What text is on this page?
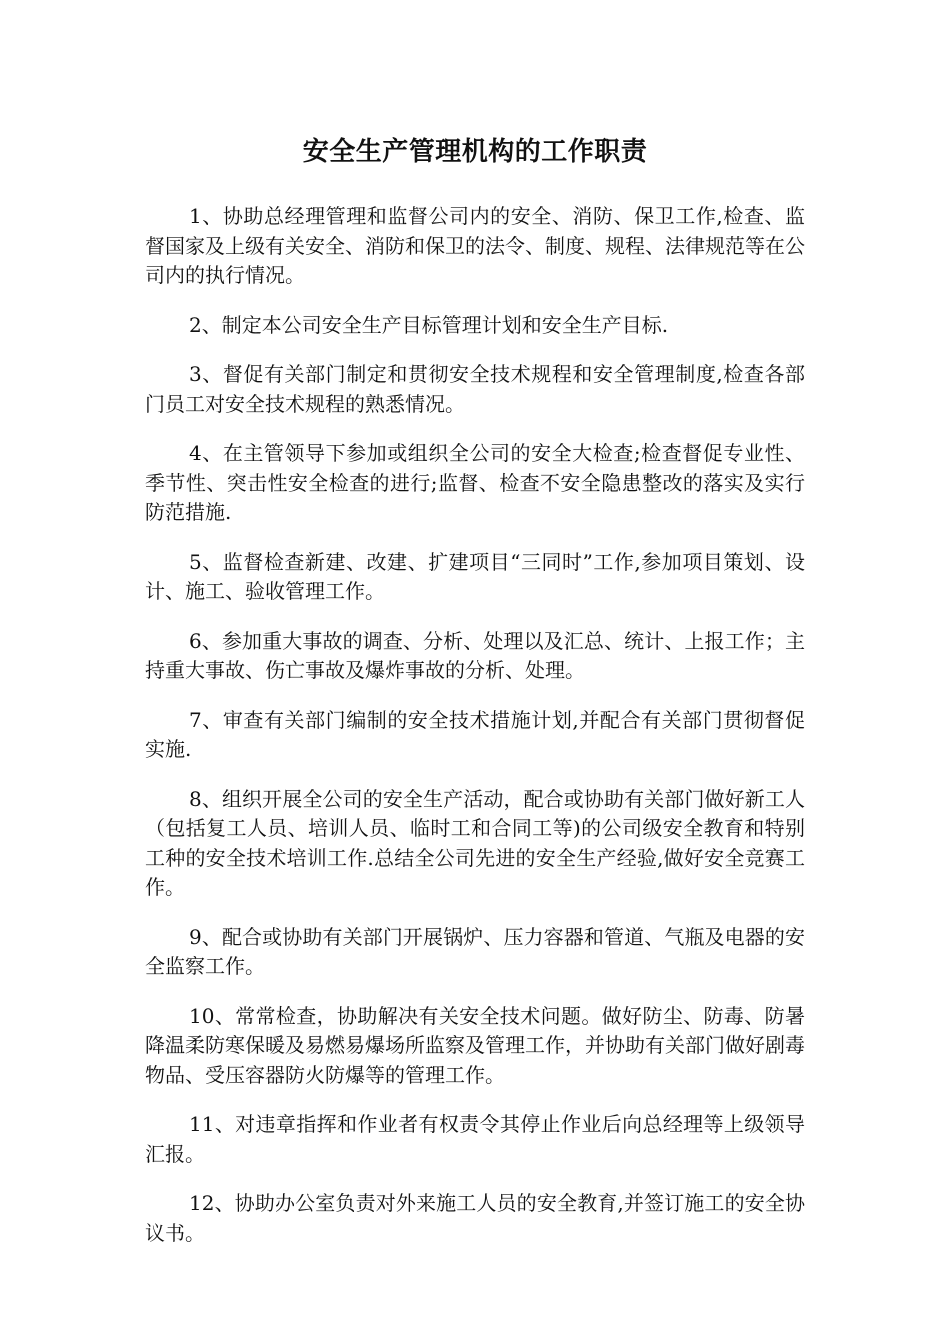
安全生产管理机构的工作职责

1、协助总经理管理和监督公司内的安全、消防、保卫工作,检查、监督国家及上级有关安全、消防和保卫的法令、制度、规程、法律规范等在公司内的执行情况。

2、制定本公司安全生产目标管理计划和安全生产目标.

3、督促有关部门制定和贯彻安全技术规程和安全管理制度,检查各部门员工对安全技术规程的熟悉情况。

4、在主管领导下参加或组织全公司的安全大检查;检查督促专业性、季节性、突击性安全检查的进行;监督、检查不安全隐患整改的落实及实行防范措施.

5、监督检查新建、改建、扩建项目“三同时”工作,参加项目策划、设计、施工、验收管理工作。

6、参加重大事故的调查、分析、处理以及汇总、统计、上报工作；主持重大事故、伤亡事故及爆炸事故的分析、处理。

7、审查有关部门编制的安全技术措施计划,并配合有关部门贯彻督促实施.

8、组织开展全公司的安全生产活动，配合或协助有关部门做好新工人（包括复工人员、培训人员、临时工和合同工等)的公司级安全教育和特别工种的安全技术培训工作.总结全公司先进的安全生产经验,做好安全竞赛工作。

9、配合或协助有关部门开展锅炉、压力容器和管道、气瓶及电器的安全监察工作。

10、常常检查，协助解决有关安全技术问题。做好防尘、防毒、防暑降温柔防寒保暖及易燃易爆场所监察及管理工作，并协助有关部门做好剧毒物品、受压容器防火防爆等的管理工作。

11、对违章指挥和作业者有权责令其停止作业后向总经理等上级领导汇报。

12、协助办公室负责对外来施工人员的安全教育,并签订施工的安全协议书。
